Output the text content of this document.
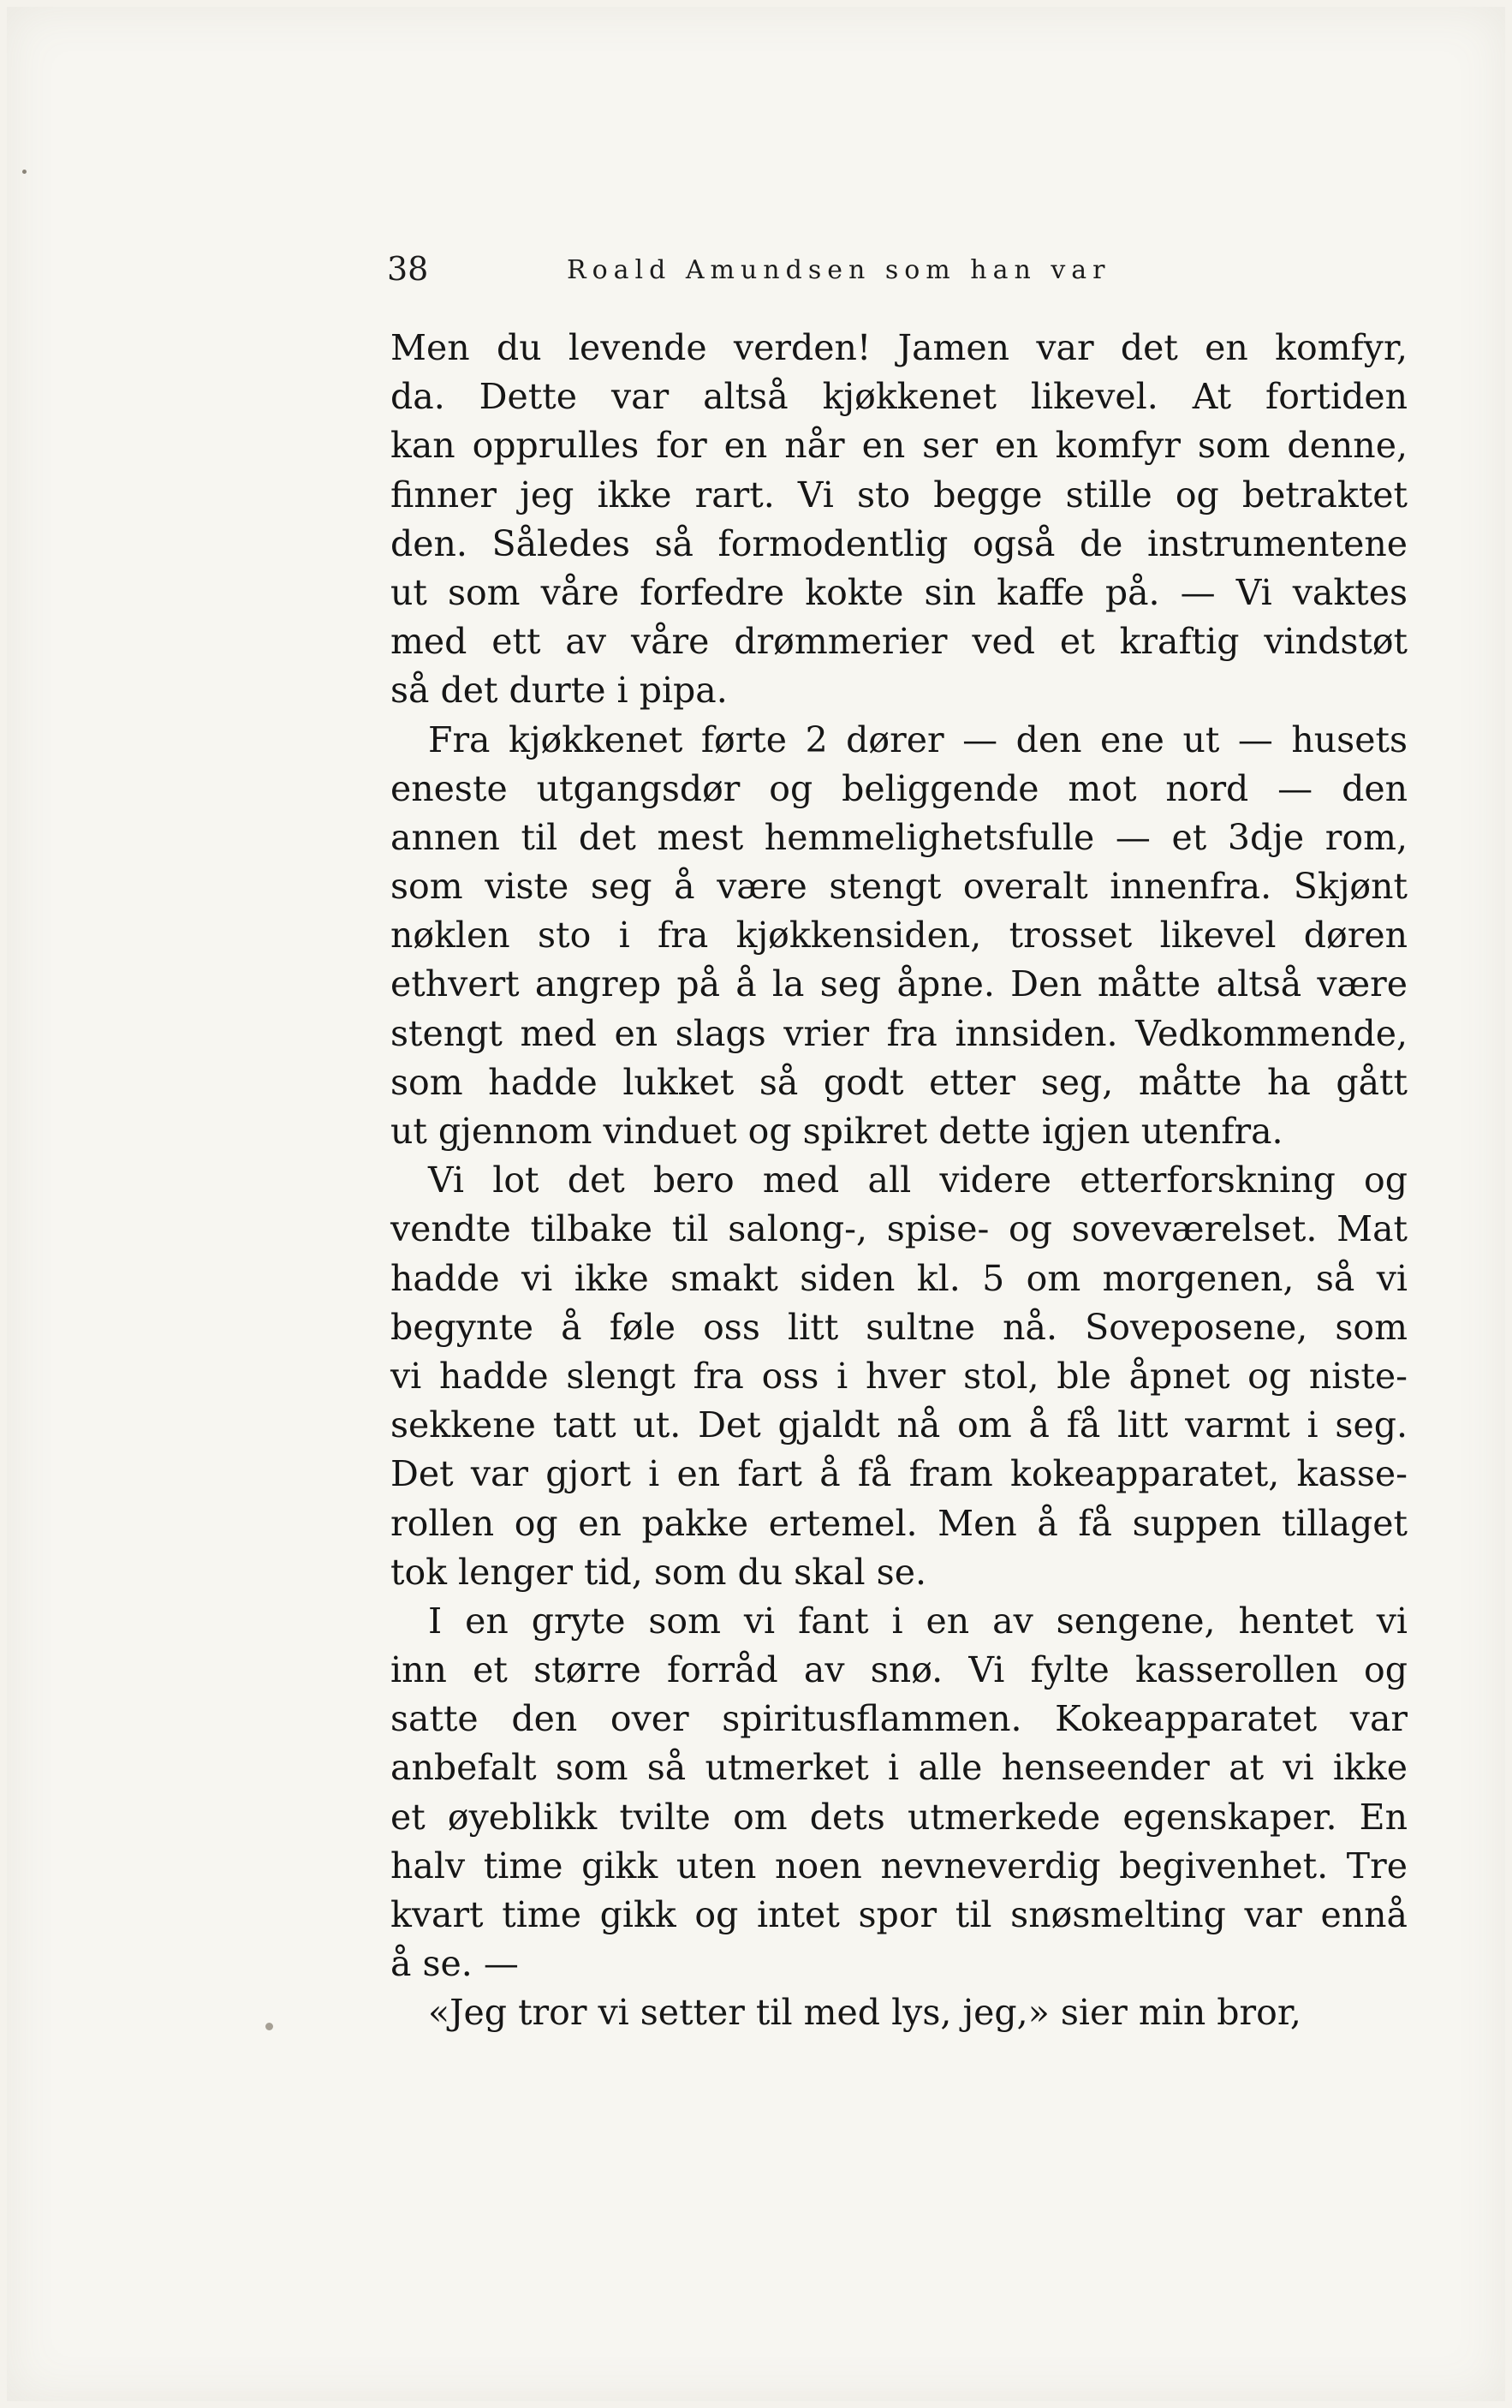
38	Roald Amundsen som han var
Men du levende verden! Jamen var det en komfyr,
da. Dette var altså kjøkkenet likevel. At fortiden
kan opprulles for en når en ser en komfyr som denne,
finner jeg ikke rart. Vi sto begge stille og betraktet
den. Således så formodentlig også de instrumentene
ut som våre forfedre kokte sin kaffe på. — Vi vaktes
med ett av våre drømmerier ved et kraftig vindstøt
så det durte i pipa.
Fra kjøkkenet førte 2 dører — den ene ut — husets
eneste utgangsdør og beliggende mot nord — den
annen til det mest hemmelighetsfulle — et 3dje rom,
som viste seg å være stengt overalt innenfra. Skjønt
nøklen sto i fra kjøkkensiden, trosset likevel døren
ethvert angrep på å la seg åpne. Den måtte altså være
stengt med en slags vrier fra innsiden. Vedkommende,
som hadde lukket så godt etter seg, måtte ha gått
ut gjennom vinduet og spikret dette igjen utenfra.
Vi lot det bero med all videre etterforskning og
vendte tilbake til salong-, spise- og soveværelset. Mat
hadde vi ikke smakt siden kl. 5 om morgenen, så vi
begynte å føle oss litt sultne nå. Soveposene, som
vi hadde slengt fra oss i hver stol, ble åpnet og niste-
sekkene tatt ut. Det gjaldt nå om å få litt varmt i seg.
Det var gjort i en fart å få fram kokeapparatet, kasse-
rollen og en pakke ertemel. Men å få suppen tillaget
tok lenger tid, som du skal se.
I en gryte som vi fant i en av sengene, hentet vi
inn et større forråd av snø. Vi fylte kasserollen og
satte den over spiritusflammen. Kokeapparatet var
anbefalt som så utmerket i alle henseender at vi ikke
et øyeblikk tvilte om dets utmerkede egenskaper. En
halv time gikk uten noen nevneverdig begivenhet. Tre
kvart time gikk og intet spor til snøsmelting var ennå
å se. —
«Jeg tror vi setter til med lys, jeg,» sier min bror,
